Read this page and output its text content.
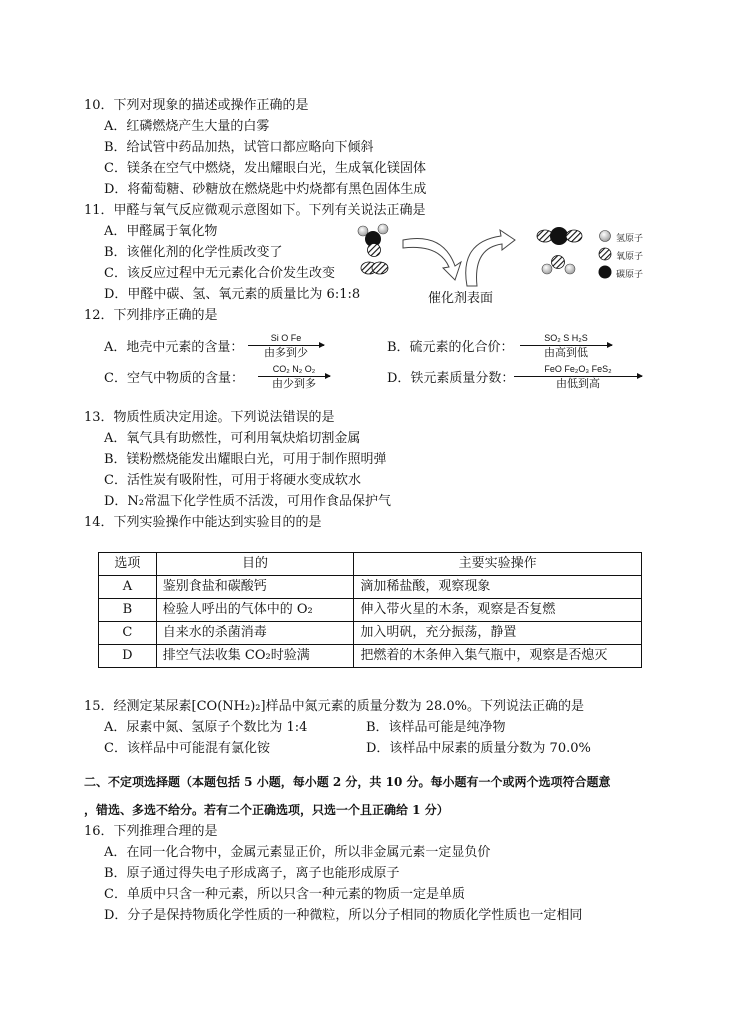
10．下列对现象的描述或操作正确的是
A．红磷燃烧产生大量的白雾
B．给试管中药品加热，试管口都应略向下倾斜
C．镁条在空气中燃烧，发出耀眼白光，生成氧化镁固体
D．将葡萄糖、砂糖放在燃烧匙中灼烧都有黑色固体生成
11．甲醛与氧气反应微观示意图如下。下列有关说法正确是
A．甲醛属于氧化物
B．该催化剂的化学性质改变了
C．该反应过程中无元素化合价发生改变
D．甲醛中碳、氢、氧元素的质量比为 6:1:8
氢原子
氧原子
碳原子
催化剂表面
12．下列排序正确的是
A．地壳中元素的含量：
Si O Fe
由多到少	B．硫元素的化合价：
SO₂ S H₂S
由高到低
C．空气中物质的含量：
CO₂ N₂ O₂
由少到多	D．铁元素质量分数：
FeO Fe₂O₃ FeS₂
由低到高
13．物质性质决定用途。下列说法错误的是
A．氧气具有助燃性，可利用氧炔焰切割金属
B．镁粉燃烧能发出耀眼白光，可用于制作照明弹
C．活性炭有吸附性，可用于将硬水变成软水
D．N₂常温下化学性质不活泼，可用作食品保护气
14．下列实验操作中能达到实验目的的是
选项	目的	主要实验操作
A	鉴别食盐和碳酸钙	滴加稀盐酸，观察现象
B	检验人呼出的气体中的 O₂	伸入带火星的木条，观察是否复燃
C	自来水的杀菌消毒	加入明矾，充分振荡，静置
D	排空气法收集 CO₂时验满	把燃着的木条伸入集气瓶中，观察是否熄灭
15．经测定某尿素[CO(NH₂)₂]样品中氮元素的质量分数为 28.0%。下列说法正确的是
A．尿素中氮、氢原子个数比为 1:4	B．该样品可能是纯净物
C．该样品中可能混有氯化铵	D．该样品中尿素的质量分数为 70.0%
二、不定项选择题（本题包括 5 小题，每小题 2 分，共 10 分。每小题有一个或两个选项符合题意
，错选、多选不给分。若有二个正确选项，只选一个且正确给 1 分）
16．下列推理合理的是
A．在同一化合物中，金属元素显正价，所以非金属元素一定显负价
B．原子通过得失电子形成离子，离子也能形成原子
C．单质中只含一种元素，所以只含一种元素的物质一定是单质
D．分子是保持物质化学性质的一种微粒，所以分子相同的物质化学性质也一定相同
